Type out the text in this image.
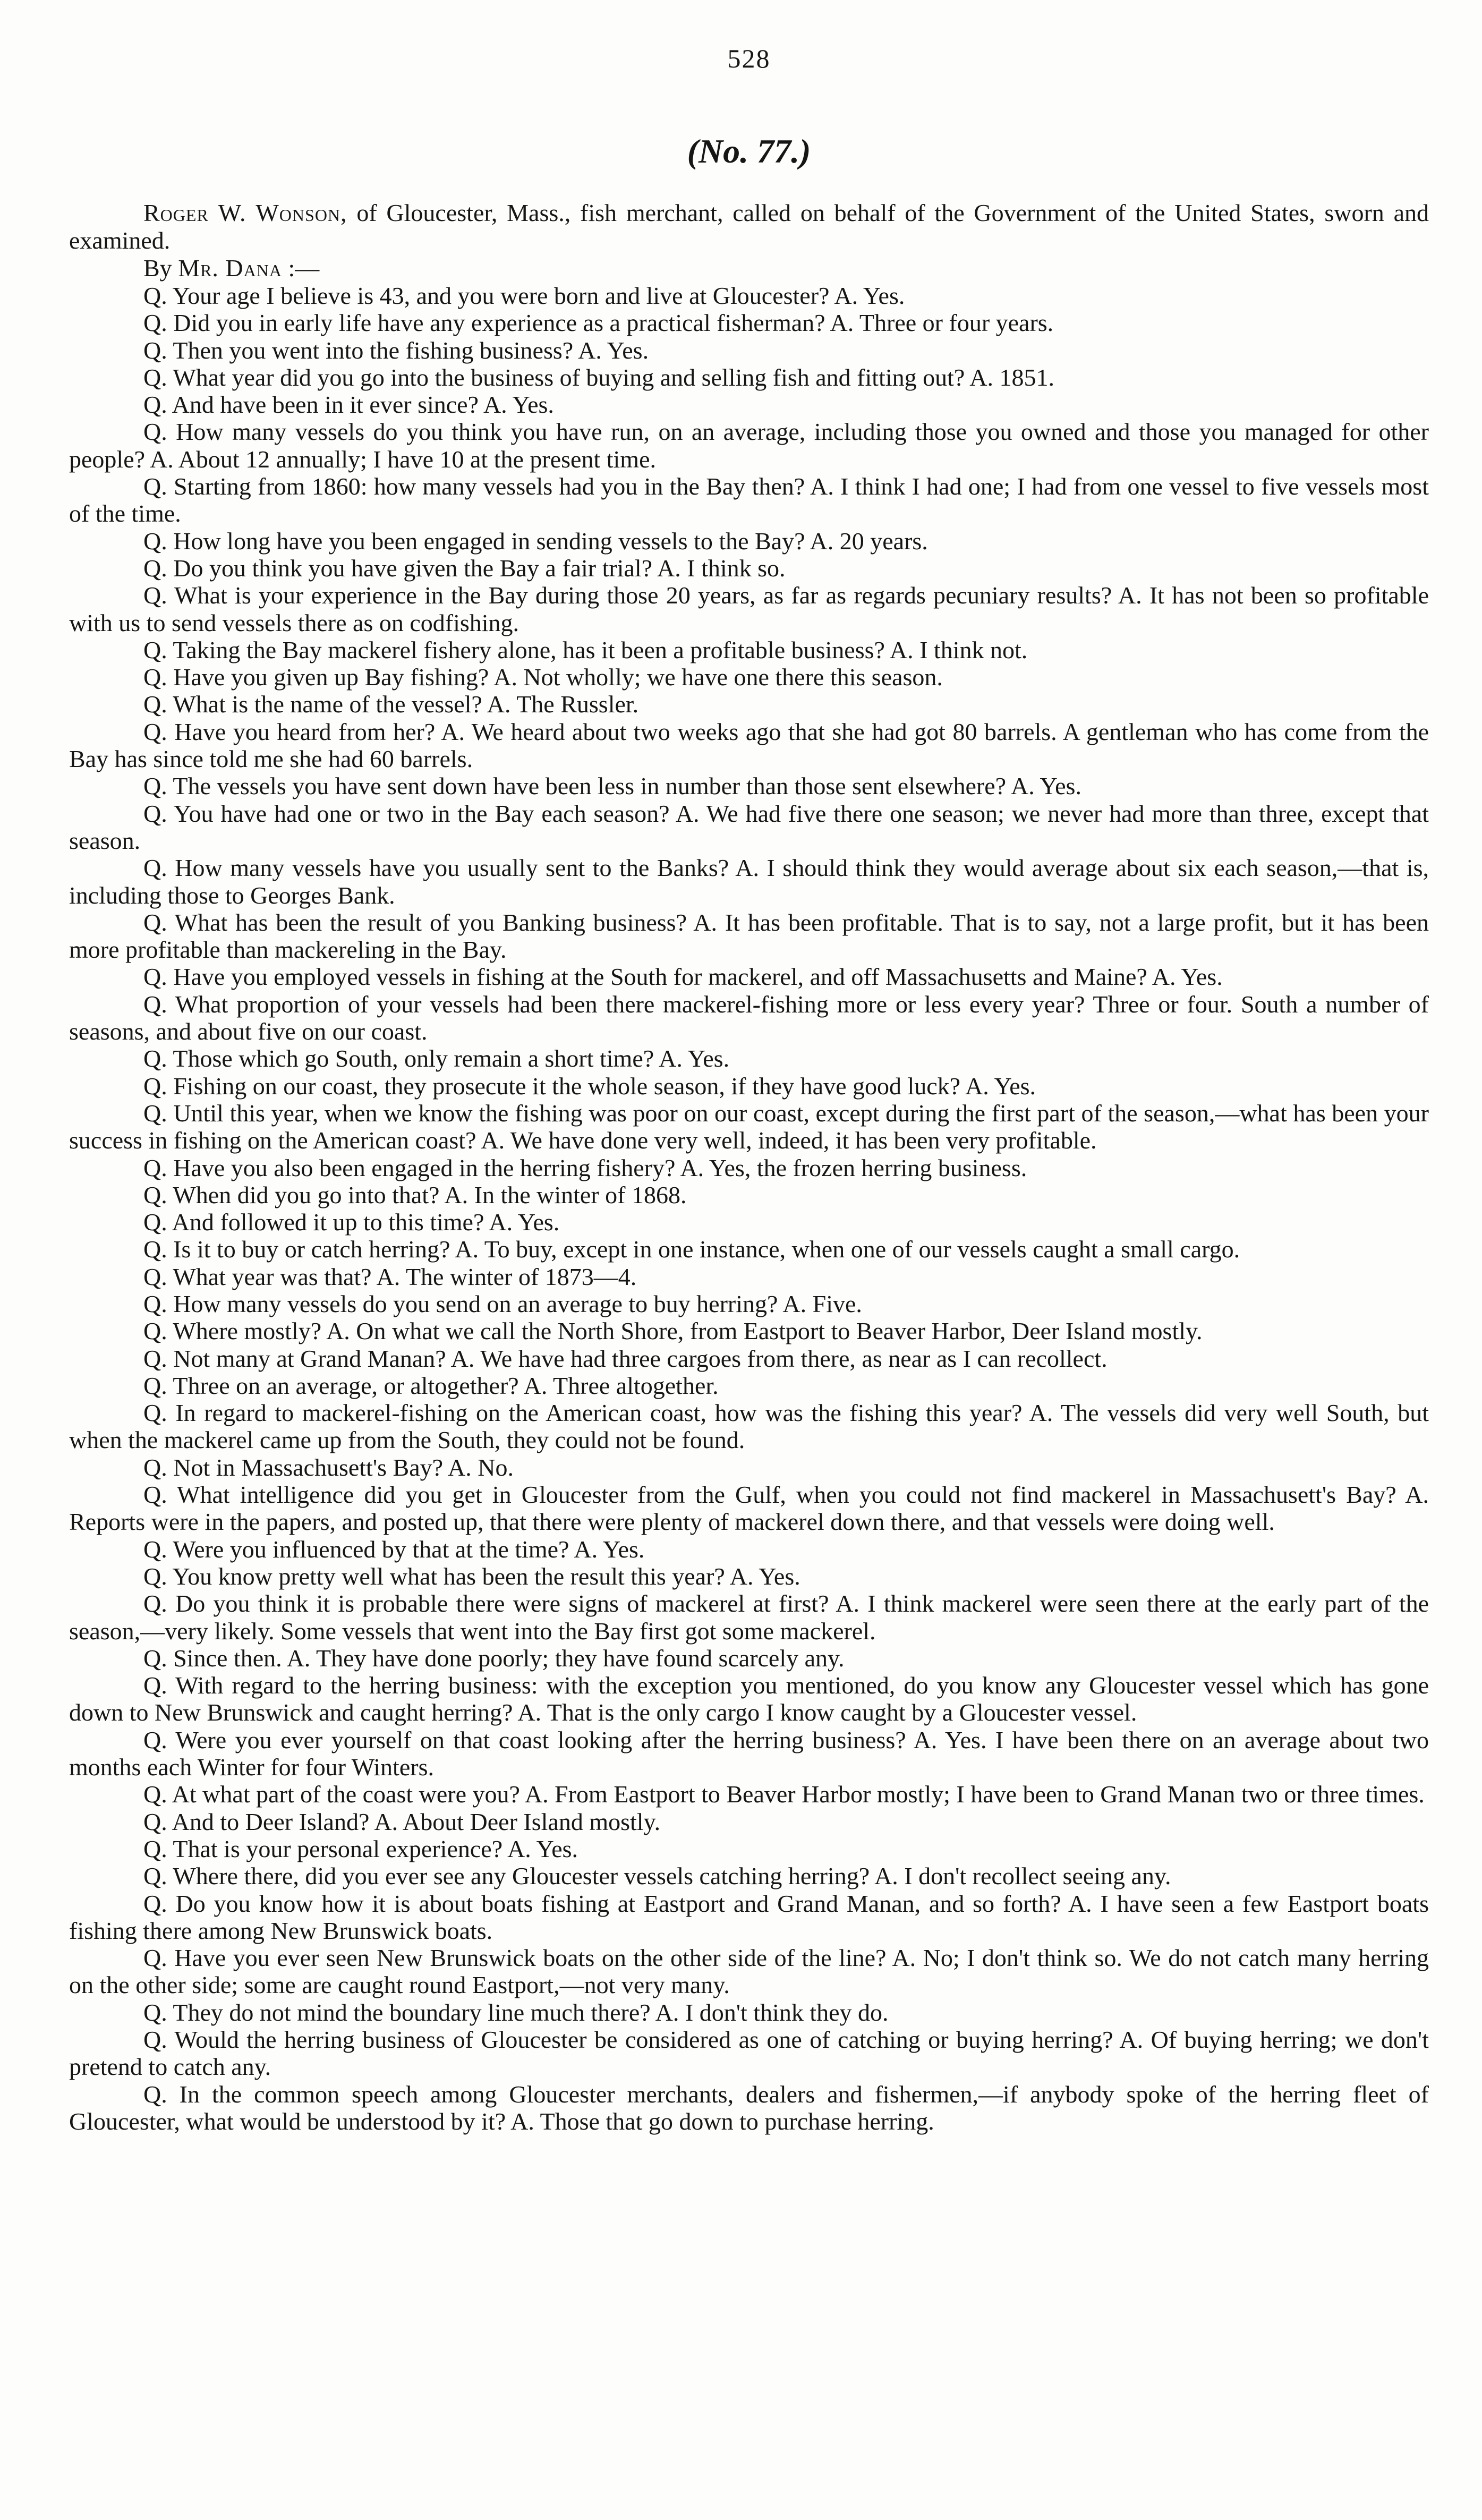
528
(No. 77.)

Roger W. Wonson, of Gloucester, Mass., fish merchant, called on behalf of the Government of the United States, sworn and examined.

By Mr. Dana :—

Q. Your age I believe is 43, and you were born and live at Gloucester? A. Yes.

Q. Did you in early life have any experience as a practical fisherman? A. Three or four years.

Q. Then you went into the fishing business? A. Yes.

Q. What year did you go into the business of buying and selling fish and fitting out? A. 1851.

Q. And have been in it ever since? A. Yes.

Q. How many vessels do you think you have run, on an average, including those you owned and those you managed for other people? A. About 12 annually; I have 10 at the present time.

Q. Starting from 1860: how many vessels had you in the Bay then? A. I think I had one; I had from one vessel to five vessels most of the time.

Q. How long have you been engaged in sending vessels to the Bay? A. 20 years.

Q. Do you think you have given the Bay a fair trial? A. I think so.

Q. What is your experience in the Bay during those 20 years, as far as regards pecuniary results? A. It has not been so profitable with us to send vessels there as on codfishing.

Q. Taking the Bay mackerel fishery alone, has it been a profitable business? A. I think not.

Q. Have you given up Bay fishing? A. Not wholly; we have one there this season.

Q. What is the name of the vessel? A. The Russler.

Q. Have you heard from her? A. We heard about two weeks ago that she had got 80 barrels. A gentleman who has come from the Bay has since told me she had 60 barrels.

Q. The vessels you have sent down have been less in number than those sent elsewhere? A. Yes.

Q. You have had one or two in the Bay each season? A. We had five there one season; we never had more than three, except that season.

Q. How many vessels have you usually sent to the Banks? A. I should think they would average about six each season,—that is, including those to Georges Bank.

Q. What has been the result of you Banking business? A. It has been profitable. That is to say, not a large profit, but it has been more profitable than mackereling in the Bay.

Q. Have you employed vessels in fishing at the South for mackerel, and off Massachusetts and Maine? A. Yes.

Q. What proportion of your vessels had been there mackerel-fishing more or less every year? Three or four. South a number of seasons, and about five on our coast.

Q. Those which go South, only remain a short time? A. Yes.

Q. Fishing on our coast, they prosecute it the whole season, if they have good luck? A. Yes.

Q. Until this year, when we know the fishing was poor on our coast, except during the first part of the season,—what has been your success in fishing on the American coast? A. We have done very well, indeed, it has been very profitable.

Q. Have you also been engaged in the herring fishery? A. Yes, the frozen herring business.

Q. When did you go into that? A. In the winter of 1868.

Q. And followed it up to this time? A. Yes.

Q. Is it to buy or catch herring? A. To buy, except in one instance, when one of our vessels caught a small cargo.

Q. What year was that? A. The winter of 1873—4.

Q. How many vessels do you send on an average to buy herring? A. Five.

Q. Where mostly? A. On what we call the North Shore, from Eastport to Beaver Harbor, Deer Island mostly.

Q. Not many at Grand Manan? A. We have had three cargoes from there, as near as I can recollect.

Q. Three on an average, or altogether? A. Three altogether.

Q. In regard to mackerel-fishing on the American coast, how was the fishing this year? A. The vessels did very well South, but when the mackerel came up from the South, they could not be found.

Q. Not in Massachusett's Bay? A. No.

Q. What intelligence did you get in Gloucester from the Gulf, when you could not find mackerel in Massachusett's Bay? A. Reports were in the papers, and posted up, that there were plenty of mackerel down there, and that vessels were doing well.

Q. Were you influenced by that at the time? A. Yes.

Q. You know pretty well what has been the result this year? A. Yes.

Q. Do you think it is probable there were signs of mackerel at first? A. I think mackerel were seen there at the early part of the season,—very likely. Some vessels that went into the Bay first got some mackerel.

Q. Since then. A. They have done poorly; they have found scarcely any.

Q. With regard to the herring business: with the exception you mentioned, do you know any Gloucester vessel which has gone down to New Brunswick and caught herring? A. That is the only cargo I know caught by a Gloucester vessel.

Q. Were you ever yourself on that coast looking after the herring business? A. Yes. I have been there on an average about two months each Winter for four Winters.

Q. At what part of the coast were you? A. From Eastport to Beaver Harbor mostly; I have been to Grand Manan two or three times.

Q. And to Deer Island? A. About Deer Island mostly.

Q. That is your personal experience? A. Yes.

Q. Where there, did you ever see any Gloucester vessels catching herring? A. I don't recollect seeing any.

Q. Do you know how it is about boats fishing at Eastport and Grand Manan, and so forth? A. I have seen a few Eastport boats fishing there among New Brunswick boats.

Q. Have you ever seen New Brunswick boats on the other side of the line? A. No; I don't think so. We do not catch many herring on the other side; some are caught round Eastport,—not very many.

Q. They do not mind the boundary line much there? A. I don't think they do.

Q. Would the herring business of Gloucester be considered as one of catching or buying herring? A. Of buying herring; we don't pretend to catch any.

Q. In the common speech among Gloucester merchants, dealers and fishermen,—if anybody spoke of the herring fleet of Gloucester, what would be understood by it? A. Those that go down to purchase herring.
